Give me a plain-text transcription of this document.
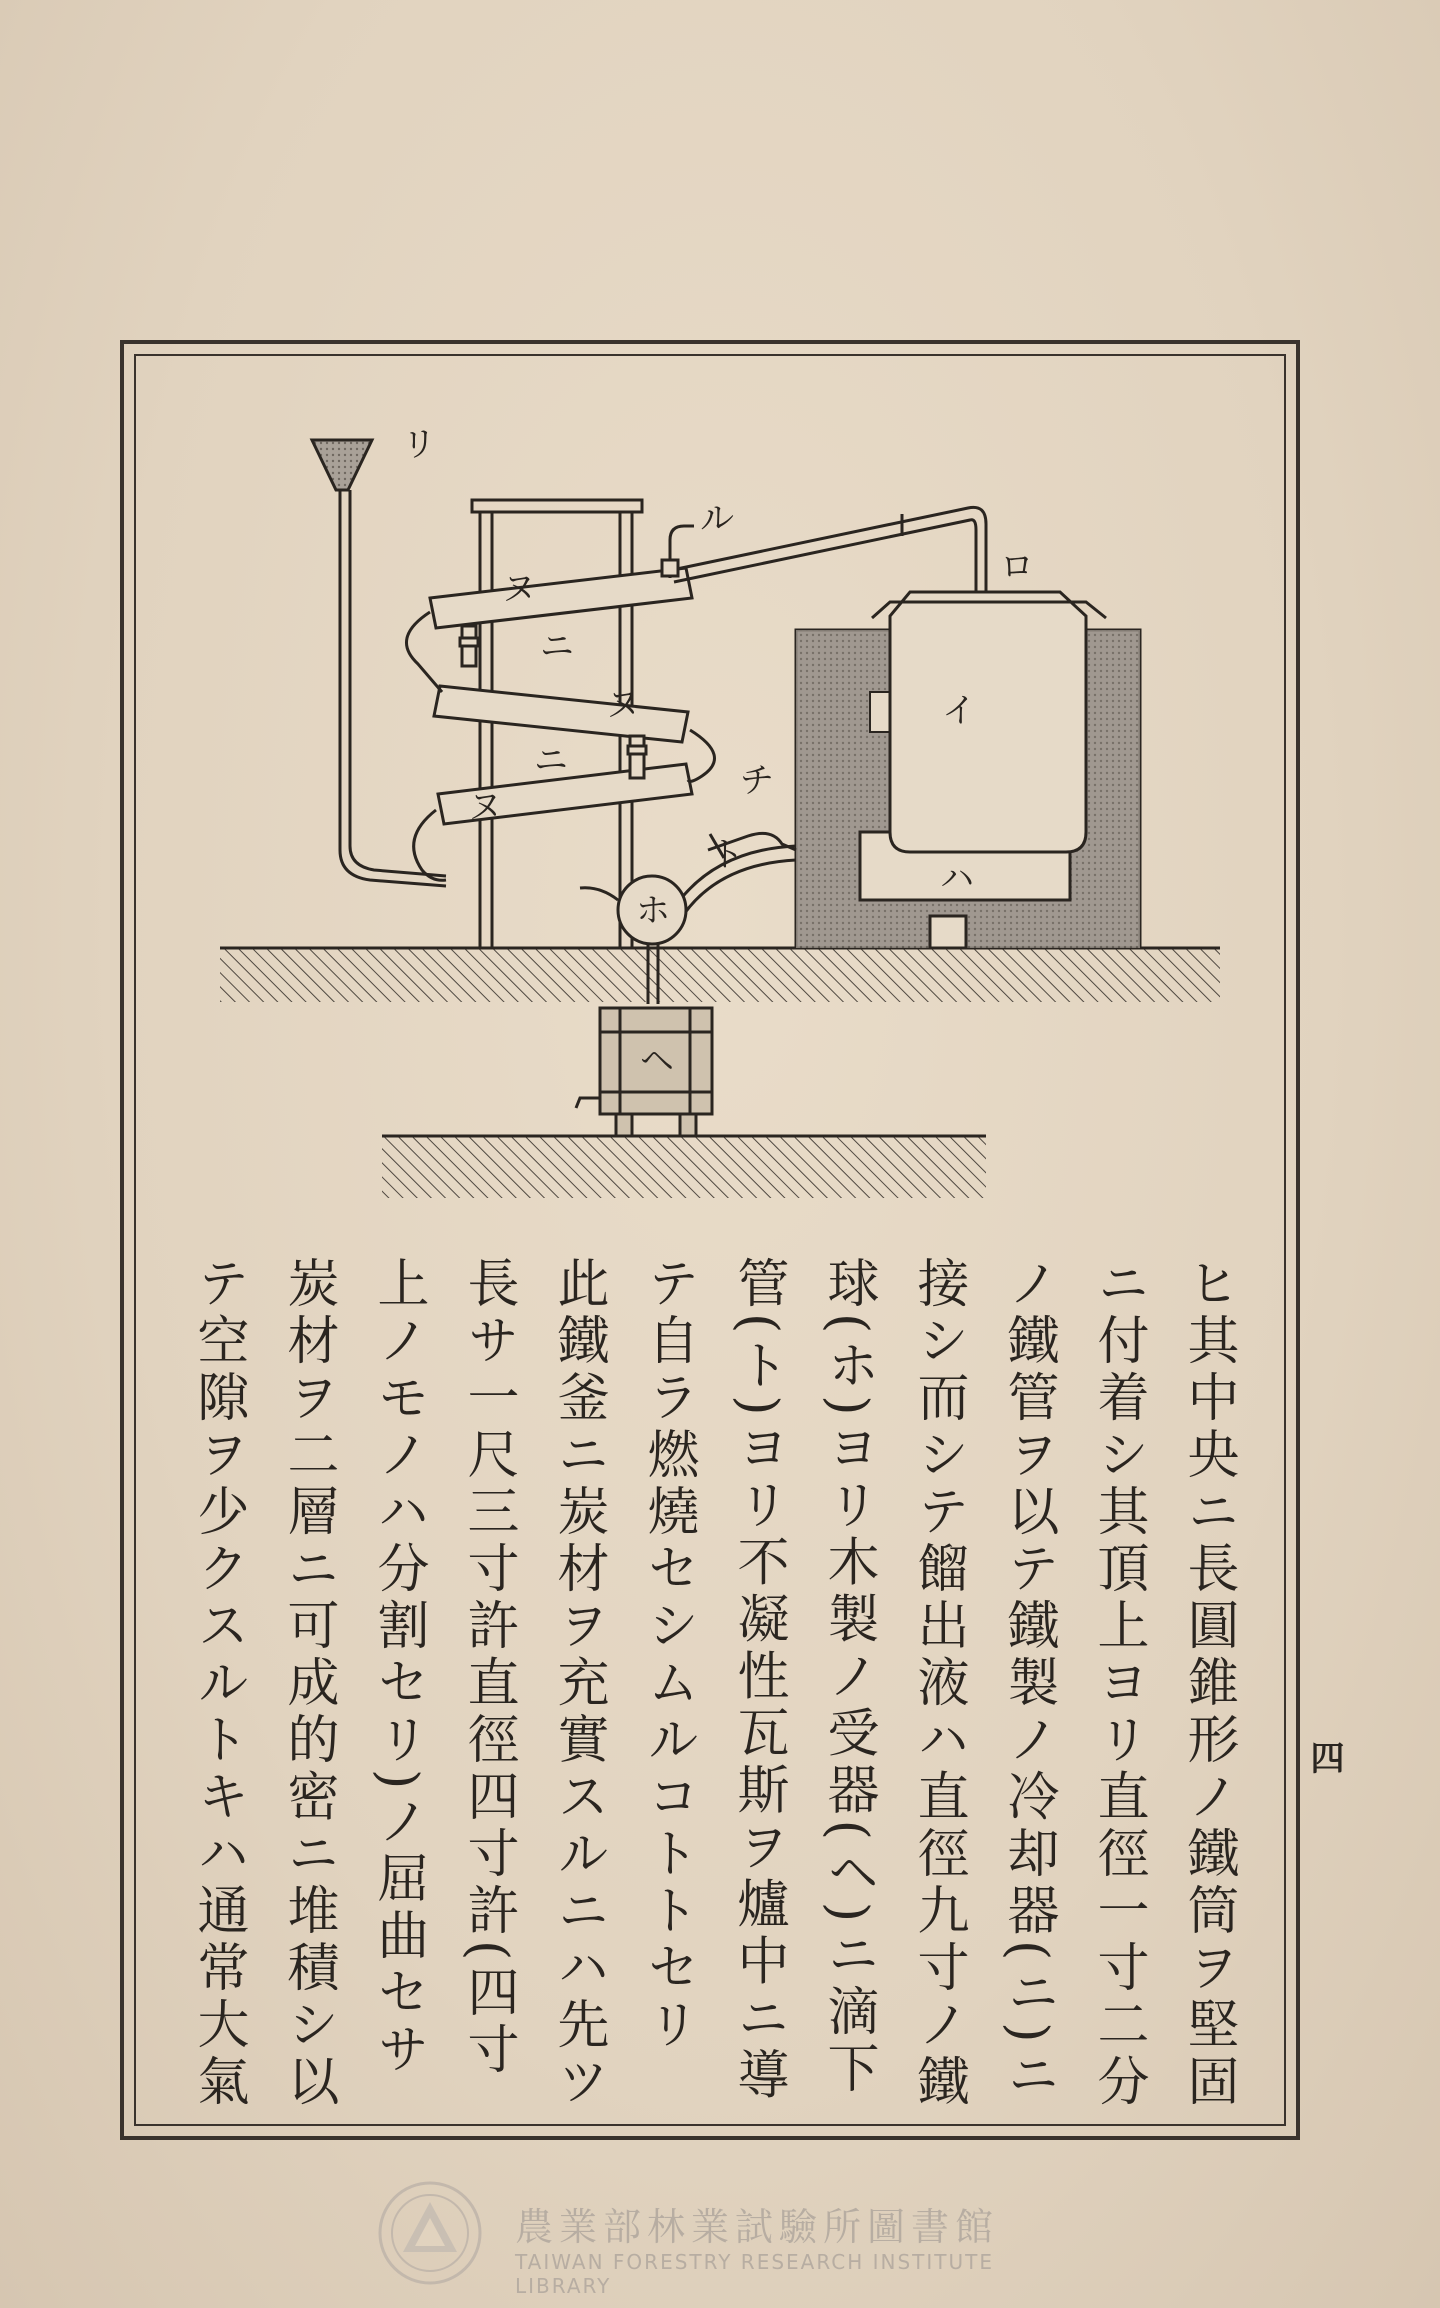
リ
ル
ロ
イ
ハ
ヌ
ニ
ヌ
ニ
ヌ
チ
ト
ホ
ヘ
ヒ其中央ニ長圓錐形ノ鐵筒ヲ堅固
ニ付着シ其頂上ヨリ直徑一寸二分
ノ鐵管ヲ以テ鐵製ノ冷却器(ニ)ニ
接シ而シテ餾出液ハ直徑九寸ノ鐵
球(ホ)ヨリ木製ノ受器(ヘ)ニ滴下
管(ト)ヨリ不凝性瓦斯ヲ爐中ニ導
テ自ラ燃燒セシムルコトトセリ
此鐵釜ニ炭材ヲ充實スルニハ先ツ
長サ一尺三寸許直徑四寸許(四寸
上ノモノハ分割セリ)ノ屈曲セサ
炭材ヲ二層ニ可成的密ニ堆積シ以
テ空隙ヲ少クスルトキハ通常大氣	四
農業部林業試驗所圖書館
TAIWAN FORESTRY RESEARCH INSTITUTE LIBRARY
